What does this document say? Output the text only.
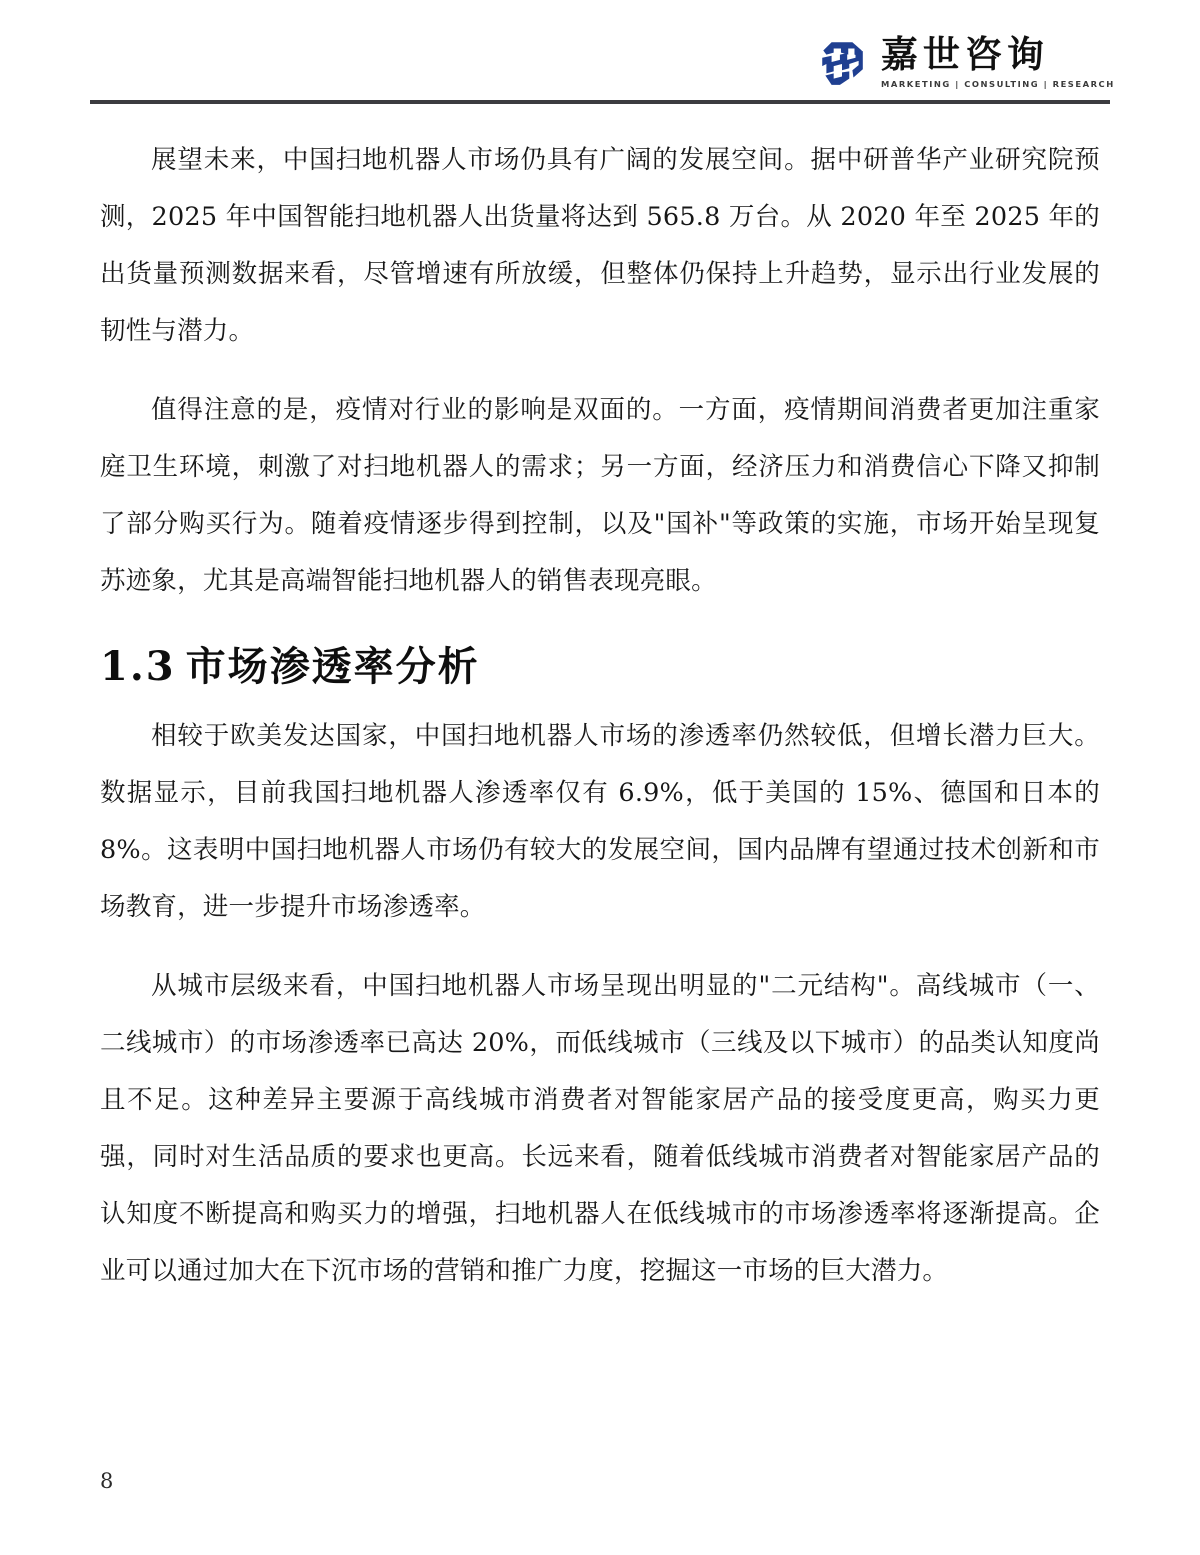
嘉世咨询
MARKETING | CONSULTING | RESEARCH

展望未来，中国扫地机器人市场仍具有广阔的发展空间。据中研普华产业研究院预测，2025 年中国智能扫地机器人出货量将达到 565.8 万台。从 2020 年至 2025 年的出货量预测数据来看，尽管增速有所放缓，但整体仍保持上升趋势，显示出行业发展的韧性与潜力。

值得注意的是，疫情对行业的影响是双面的。一方面，疫情期间消费者更加注重家庭卫生环境，刺激了对扫地机器人的需求；另一方面，经济压力和消费信心下降又抑制了部分购买行为。随着疫情逐步得到控制，以及"国补"等政策的实施，市场开始呈现复苏迹象，尤其是高端智能扫地机器人的销售表现亮眼。

1.3 市场渗透率分析

相较于欧美发达国家，中国扫地机器人市场的渗透率仍然较低，但增长潜力巨大。数据显示，目前我国扫地机器人渗透率仅有 6.9%，低于美国的 15%、德国和日本的 8%。这表明中国扫地机器人市场仍有较大的发展空间，国内品牌有望通过技术创新和市场教育，进一步提升市场渗透率。

从城市层级来看，中国扫地机器人市场呈现出明显的"二元结构"。高线城市（一、二线城市）的市场渗透率已高达 20%，而低线城市（三线及以下城市）的品类认知度尚且不足。这种差异主要源于高线城市消费者对智能家居产品的接受度更高，购买力更强，同时对生活品质的要求也更高。长远来看，随着低线城市消费者对智能家居产品的认知度不断提高和购买力的增强，扫地机器人在低线城市的市场渗透率将逐渐提高。企业可以通过加大在下沉市场的营销和推广力度，挖掘这一市场的巨大潜力。

8
